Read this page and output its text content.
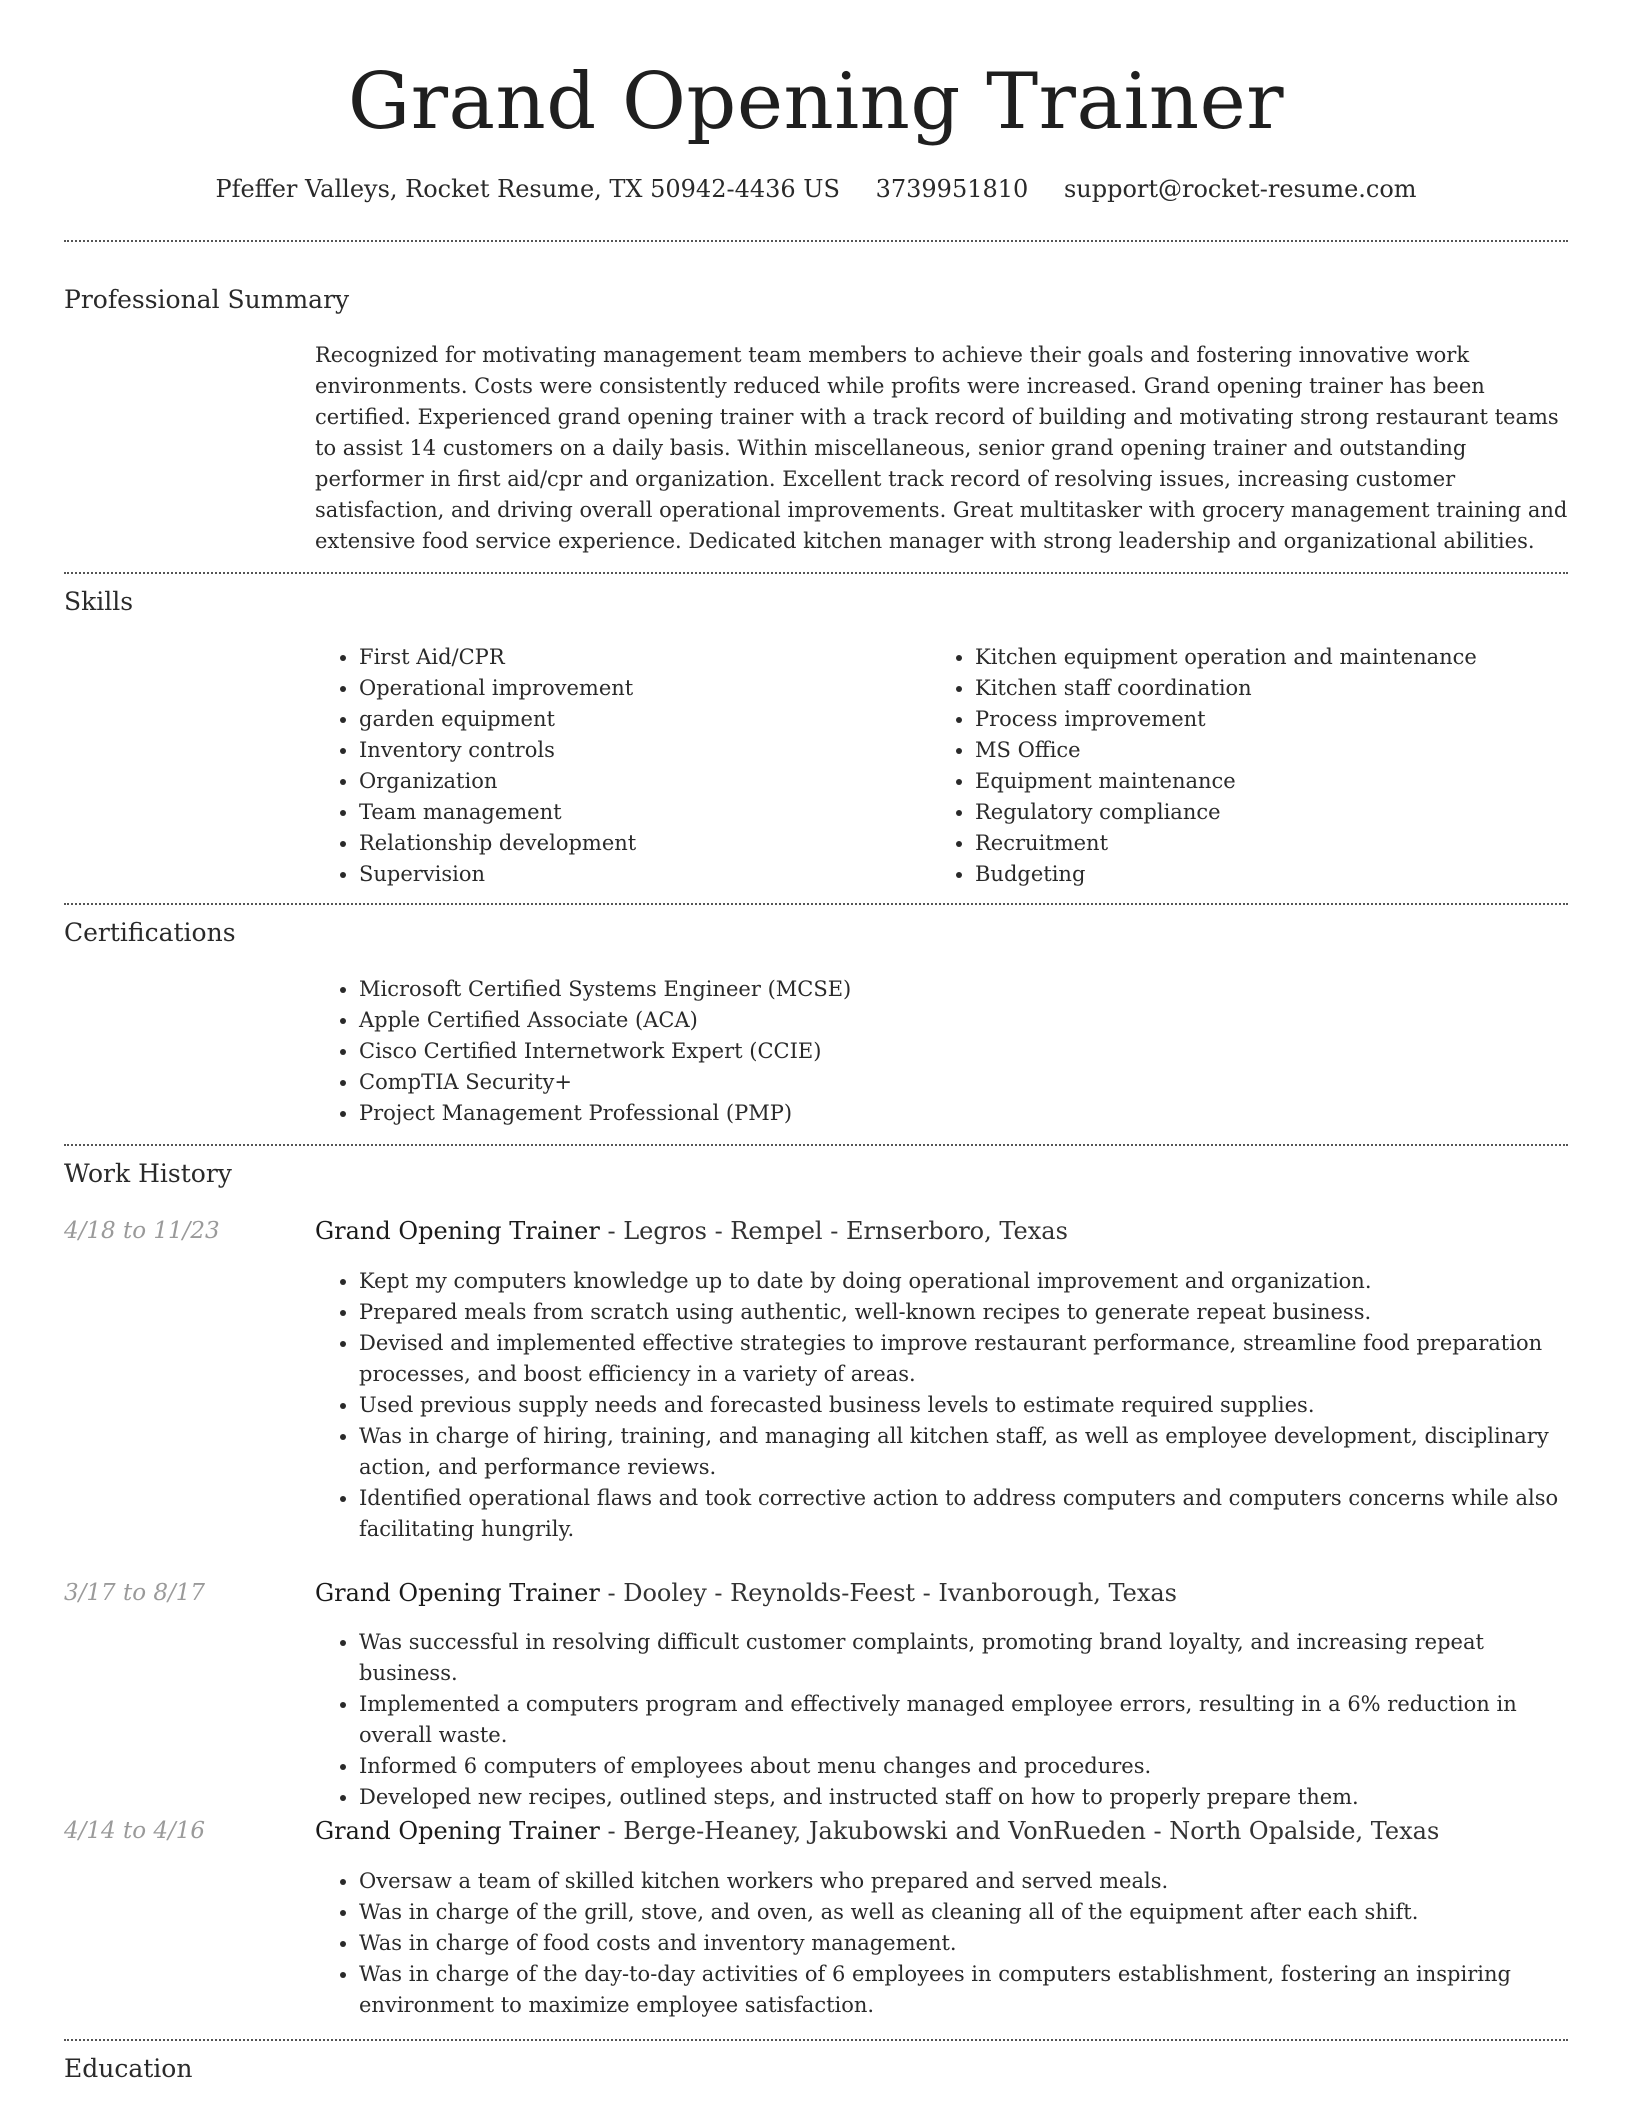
Grand Opening Trainer
Pfeffer Valleys, Rocket Resume, TX 50942-4436 US 3739951810 support@rocket-resume.com
Professional Summary

Recognized for motivating management team members to achieve their goals and fostering innovative work environments. Costs were consistently reduced while profits were increased. Grand opening trainer has been certified. Experienced grand opening trainer with a track record of building and motivating strong restaurant teams to assist 14 customers on a daily basis. Within miscellaneous, senior grand opening trainer and outstanding performer in first aid/cpr and organization. Excellent track record of resolving issues, increasing customer satisfaction, and driving overall operational improvements. Great multitasker with grocery management training and extensive food service experience. Dedicated kitchen manager with strong leadership and organizational abilities.

Skills
• First Aid/CPR
• Operational improvement
• garden equipment
• Inventory controls
• Organization
• Team management
• Relationship development
• Supervision
• Kitchen equipment operation and maintenance
• Kitchen staff coordination
• Process improvement
• MS Office
• Equipment maintenance
• Regulatory compliance
• Recruitment
• Budgeting
Certifications
• Microsoft Certified Systems Engineer (MCSE)
• Apple Certified Associate (ACA)
• Cisco Certified Internetwork Expert (CCIE)
• CompTIA Security+
• Project Management Professional (PMP)
Work History
4/18 to 11/23	Grand Opening Trainer - Legros - Rempel - Ernserboro, Texas
• Kept my computers knowledge up to date by doing operational improvement and organization.
• Prepared meals from scratch using authentic, well-known recipes to generate repeat business.
• Devised and implemented effective strategies to improve restaurant performance, streamline food preparation processes, and boost efficiency in a variety of areas.
• Used previous supply needs and forecasted business levels to estimate required supplies.
• Was in charge of hiring, training, and managing all kitchen staff, as well as employee development, disciplinary action, and performance reviews.
• Identified operational flaws and took corrective action to address computers and computers concerns while also facilitating hungrily.
3/17 to 8/17	Grand Opening Trainer - Dooley - Reynolds-Feest - Ivanborough, Texas
• Was successful in resolving difficult customer complaints, promoting brand loyalty, and increasing repeat business.
• Implemented a computers program and effectively managed employee errors, resulting in a 6% reduction in overall waste.
• Informed 6 computers of employees about menu changes and procedures.
• Developed new recipes, outlined steps, and instructed staff on how to properly prepare them.
4/14 to 4/16	Grand Opening Trainer - Berge-Heaney, Jakubowski and VonRueden - North Opalside, Texas
• Oversaw a team of skilled kitchen workers who prepared and served meals.
• Was in charge of the grill, stove, and oven, as well as cleaning all of the equipment after each shift.
• Was in charge of food costs and inventory management.
• Was in charge of the day-to-day activities of 6 employees in computers establishment, fostering an inspiring environment to maximize employee satisfaction.
Education
